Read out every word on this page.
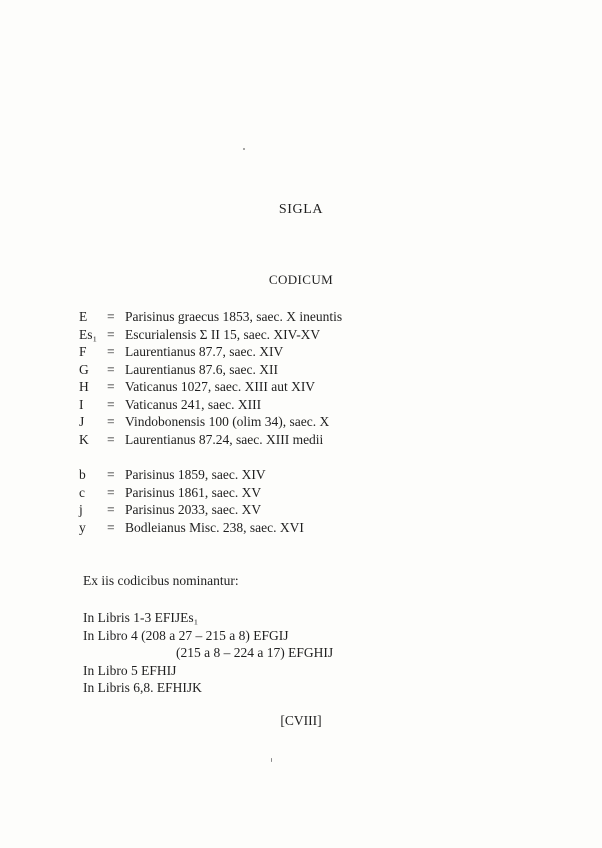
SIGLA
CODICUM
E	= Parisinus graecus 1853, saec. X ineuntis
Es₁ = Escurialensis Σ II 15, saec. XIV-XV
F	= Laurentianus 87.7, saec. XIV
G	= Laurentianus 87.6, saec. XII
H	= Vaticanus 1027, saec. XIII aut XIV
I	= Vaticanus 241, saec. XIII
J	= Vindobonensis 100 (olim 34), saec. X
K	= Laurentianus 87.24, saec. XIII medii
b	= Parisinus 1859, saec. XIV
c	= Parisinus 1861, saec. XV
j	= Parisinus 2033, saec. XV
y	= Bodleianus Misc. 238, saec. XVI
Ex iis codicibus nominantur:
In Libris 1-3 EFIJEs₁
In Libro 4 (208 a 27 – 215 a 8) EFGIJ
(215 a 8 – 224 a 17) EFGHIJ
In Libro 5 EFHIJ
In Libris 6,8. EFHIJK
[CVIII]
